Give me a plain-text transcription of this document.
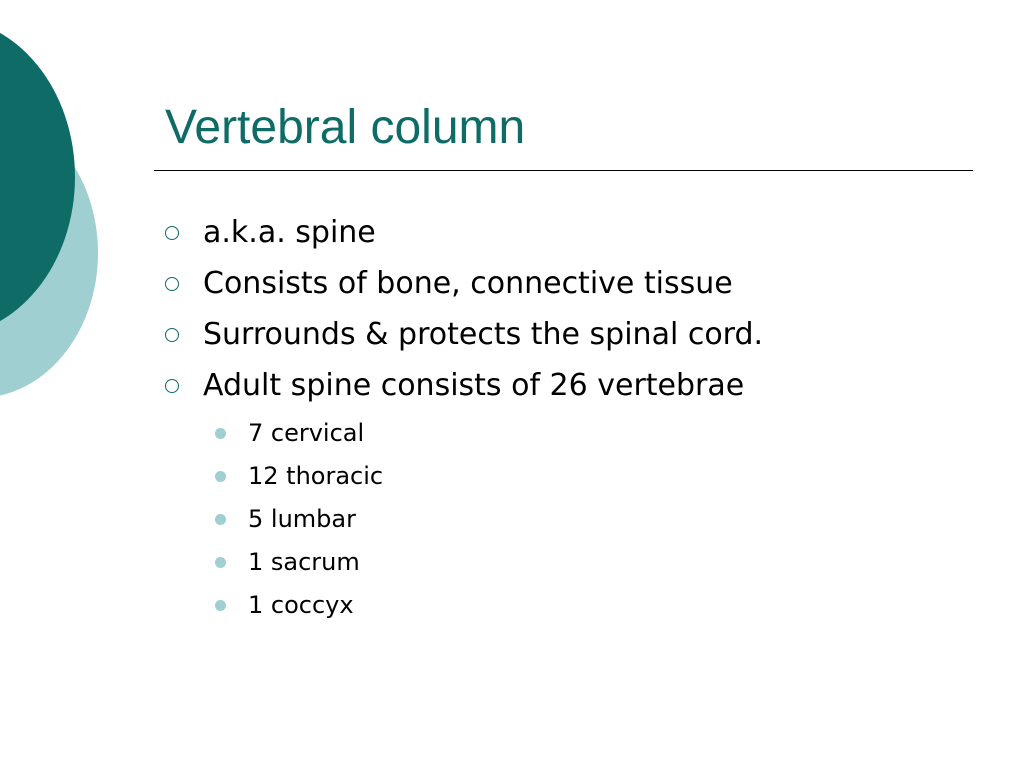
Vertebral column
a.k.a. spine
Consists of bone, connective tissue
Surrounds & protects the spinal cord.
Adult spine consists of 26 vertebrae
7 cervical
12 thoracic
5 lumbar
1 sacrum
1 coccyx
